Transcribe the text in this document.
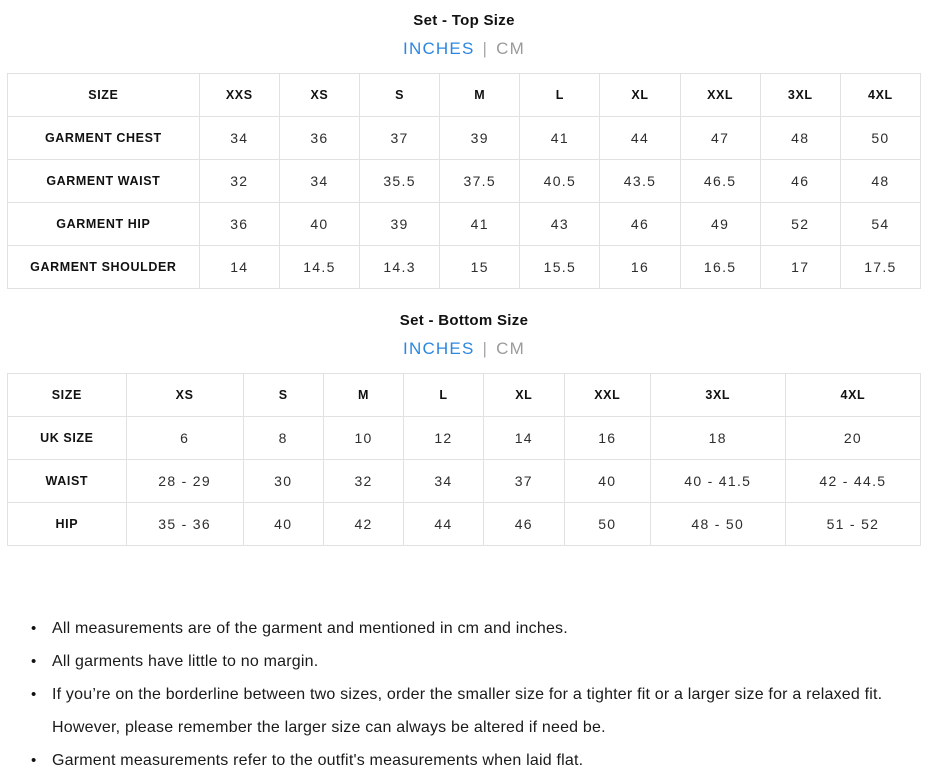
Set - Top Size
INCHES | CM
SIZE	XXS	XS	S	M	L	XL	XXL	3XL	4XL
GARMENT CHEST	34	36	37	39	41	44	47	48	50
GARMENT WAIST	32	34	35.5	37.5	40.5	43.5	46.5	46	48
GARMENT HIP	36	40	39	41	43	46	49	52	54
GARMENT SHOULDER	14	14.5	14.3	15	15.5	16	16.5	17	17.5
Set - Bottom Size
INCHES | CM
SIZE	XS	S	M	L	XL	XXL	3XL	4XL
UK SIZE	6	8	10	12	14	16	18	20
WAIST	28 - 29	30	32	34	37	40	40 - 41.5	42 - 44.5
HIP	35 - 36	40	42	44	46	50	48 - 50	51 - 52
• All measurements are of the garment and mentioned in cm and inches.
• All garments have little to no margin.
• If you’re on the borderline between two sizes, order the smaller size for a tighter fit or a larger size for a relaxed fit. However, please remember the larger size can always be altered if need be.
• Garment measurements refer to the outfit's measurements when laid flat.
